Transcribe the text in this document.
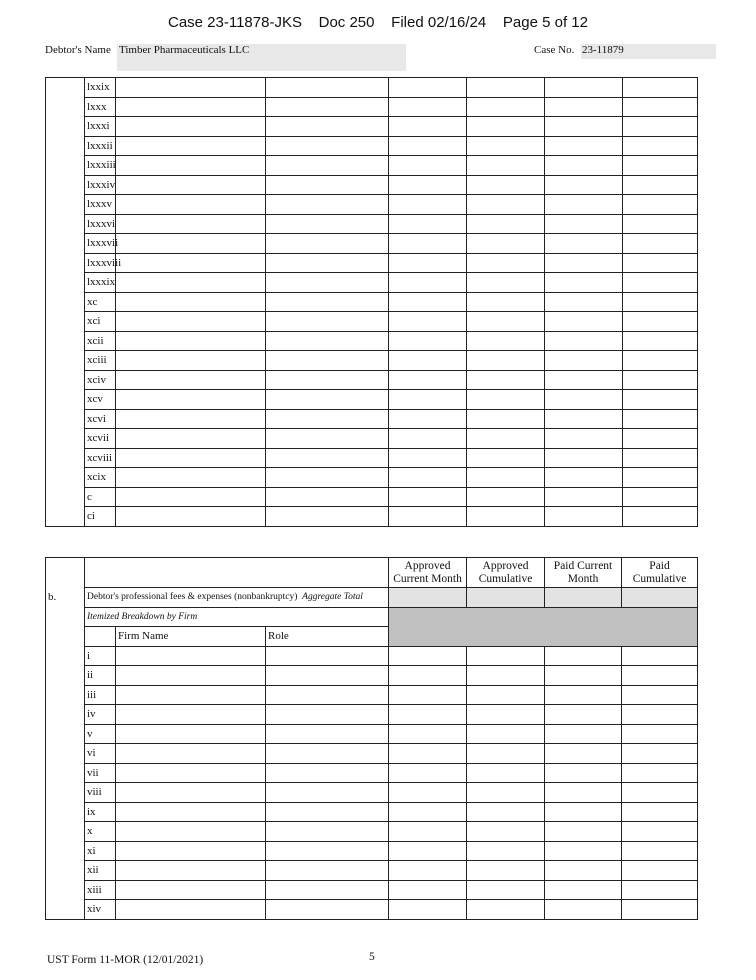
Case 23-11878-JKS Doc 250 Filed 02/16/24 Page 5 of 12
Debtor's Name Timber Pharmaceuticals LLC	Case No. 23-11879
	lxxix						
	lxxx						
	lxxxi						
	lxxxii						
	lxxxiii						
	lxxxiv						
	lxxxv						
	lxxxvi						
	lxxxvii						
	lxxxviii						
	lxxxix						
	xc						
	xci						
	xcii						
	xciii						
	xciv						
	xcv						
	xcvi						
	xcvii						
	xcviii						
	xcix						
	c						
	ci						
				Approved Current Month	Approved Cumulative	Paid Current Month	Paid Cumulative
b.	Debtor's professional fees & expenses (nonbankruptcy) Aggregate Total						
	Itemized Breakdown by Firm						
		Firm Name	Role				
	i						
	ii						
	iii						
	iv						
	v						
	vi						
	vii						
	viii						
	ix						
	x						
	xi						
	xii						
	xiii						
	xiv						
UST Form 11-MOR (12/01/2021)	5
